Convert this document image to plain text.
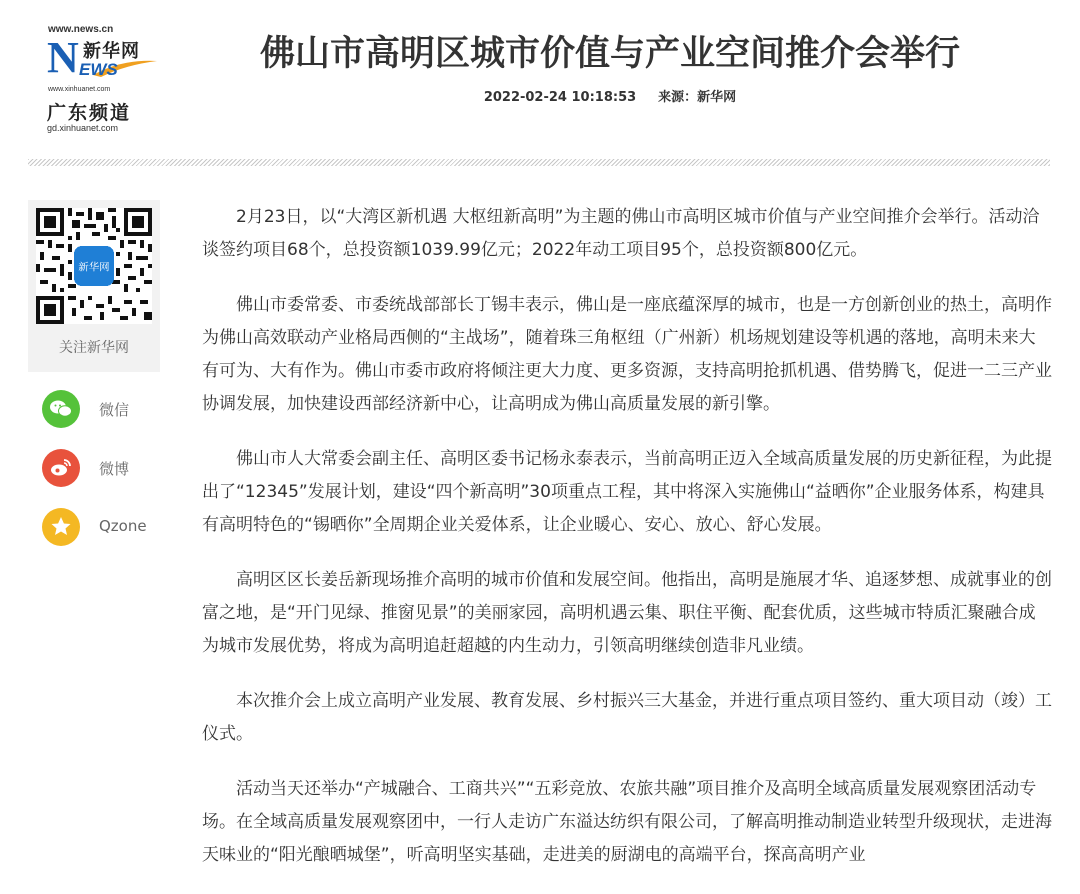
www.news.cn
N 新华网
EWS
www.xinhuanet.com
广东频道
gd.xinhuanet.com
佛山市高明区城市价值与产业空间推介会举行
2022-02-24 10:18:53 来源：新华网
新华网
关注新华网
微信
微博
Qzone

2月23日，以“大湾区新机遇 大枢纽新高明”为主题的佛山市高明区城市价值与产业空间推介会举行。活动洽谈签约项目68个，总投资额1039.99亿元；2022年动工项目95个，总投资额800亿元。

佛山市委常委、市委统战部部长丁锡丰表示，佛山是一座底蕴深厚的城市，也是一方创新创业的热土，高明作为佛山高效联动产业格局西侧的“主战场”，随着珠三角枢纽（广州新）机场规划建设等机遇的落地，高明未来大有可为、大有作为。佛山市委市政府将倾注更大力度、更多资源，支持高明抢抓机遇、借势腾飞，促进一二三产业协调发展，加快建设西部经济新中心，让高明成为佛山高质量发展的新引擎。

佛山市人大常委会副主任、高明区委书记杨永泰表示，当前高明正迈入全域高质量发展的历史新征程，为此提出了“12345”发展计划，建设“四个新高明”30项重点工程，其中将深入实施佛山“益晒你”企业服务体系，构建具有高明特色的“锡晒你”全周期企业关爱体系，让企业暖心、安心、放心、舒心发展。

高明区区长姜岳新现场推介高明的城市价值和发展空间。他指出，高明是施展才华、追逐梦想、成就事业的创富之地，是“开门见绿、推窗见景”的美丽家园，高明机遇云集、职住平衡、配套优质，这些城市特质汇聚融合成为城市发展优势，将成为高明追赶超越的内生动力，引领高明继续创造非凡业绩。

本次推介会上成立高明产业发展、教育发展、乡村振兴三大基金，并进行重点项目签约、重大项目动（竣）工仪式。

活动当天还举办“产城融合、工商共兴”“五彩竞放、农旅共融”项目推介及高明全域高质量发展观察团活动专场。在全域高质量发展观察团中，一行人走访广东溢达纺织有限公司，了解高明推动制造业转型升级现状，走进海天味业的“阳光酿晒城堡”，听高明坚实基础，走进美的厨湖电的高端平台，探高高明产业
